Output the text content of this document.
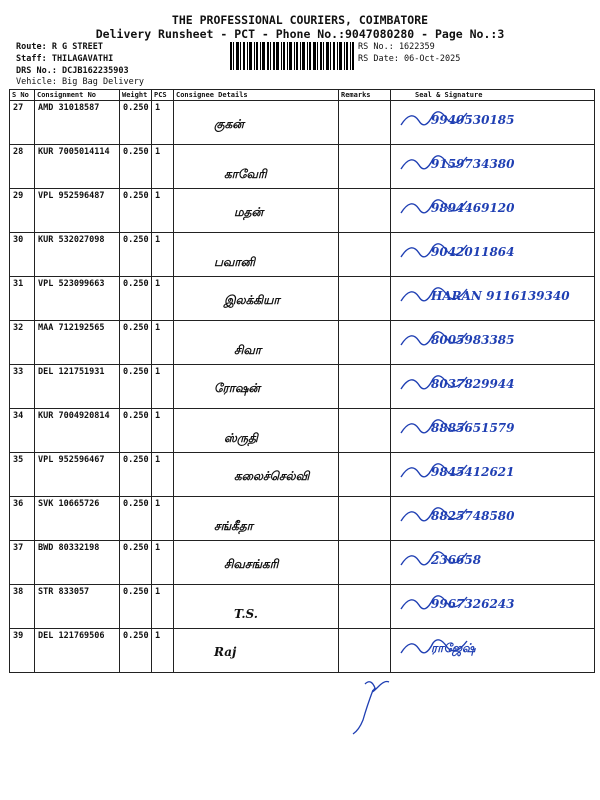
THE PROFESSIONAL COURIERS, COIMBATORE
Delivery Runsheet - PCT - Phone No.:9047080280 - Page No.:3
Route: R G STREET
Staff: THILAGAVATHI
DRS No.: DCJB162235903
Vehicle: Big Bag Delivery
RS No.: 1622359
RS Date: 06-Oct-2025
S No	Consignment No	Weight	PCS	Consignee Details	Remarks	Seal & Signature
27	AMD 31018587	0.250	1	குகன்		9940530185

28	KUR 7005014114	0.250	1	காவேரி		9159734380

29	VPL 952596487	0.250	1	மதன்		9894469120

30	KUR 532027098	0.250	1	பவானி		9042011864

31	VPL 523099663	0.250	1	இலக்கியா		HARAN 9116139340

32	MAA 712192565	0.250	1	சிவா		8005983385

33	DEL 121751931	0.250	1	ரோஷன்		8037829944

34	KUR 7004920814	0.250	1	ஸ்ருதி		8885651579

35	VPL 952596467	0.250	1	கலைச்செல்வி		9845412621

36	SVK 10665726	0.250	1	சங்கீதா		8825748580

37	BWD 80332198	0.250	1	சிவசங்கரி		236658

38	STR 833057	0.250	1	T.S.		9967326243

39	DEL 121769506	0.250	1	Raj		ராஜேஷ்
